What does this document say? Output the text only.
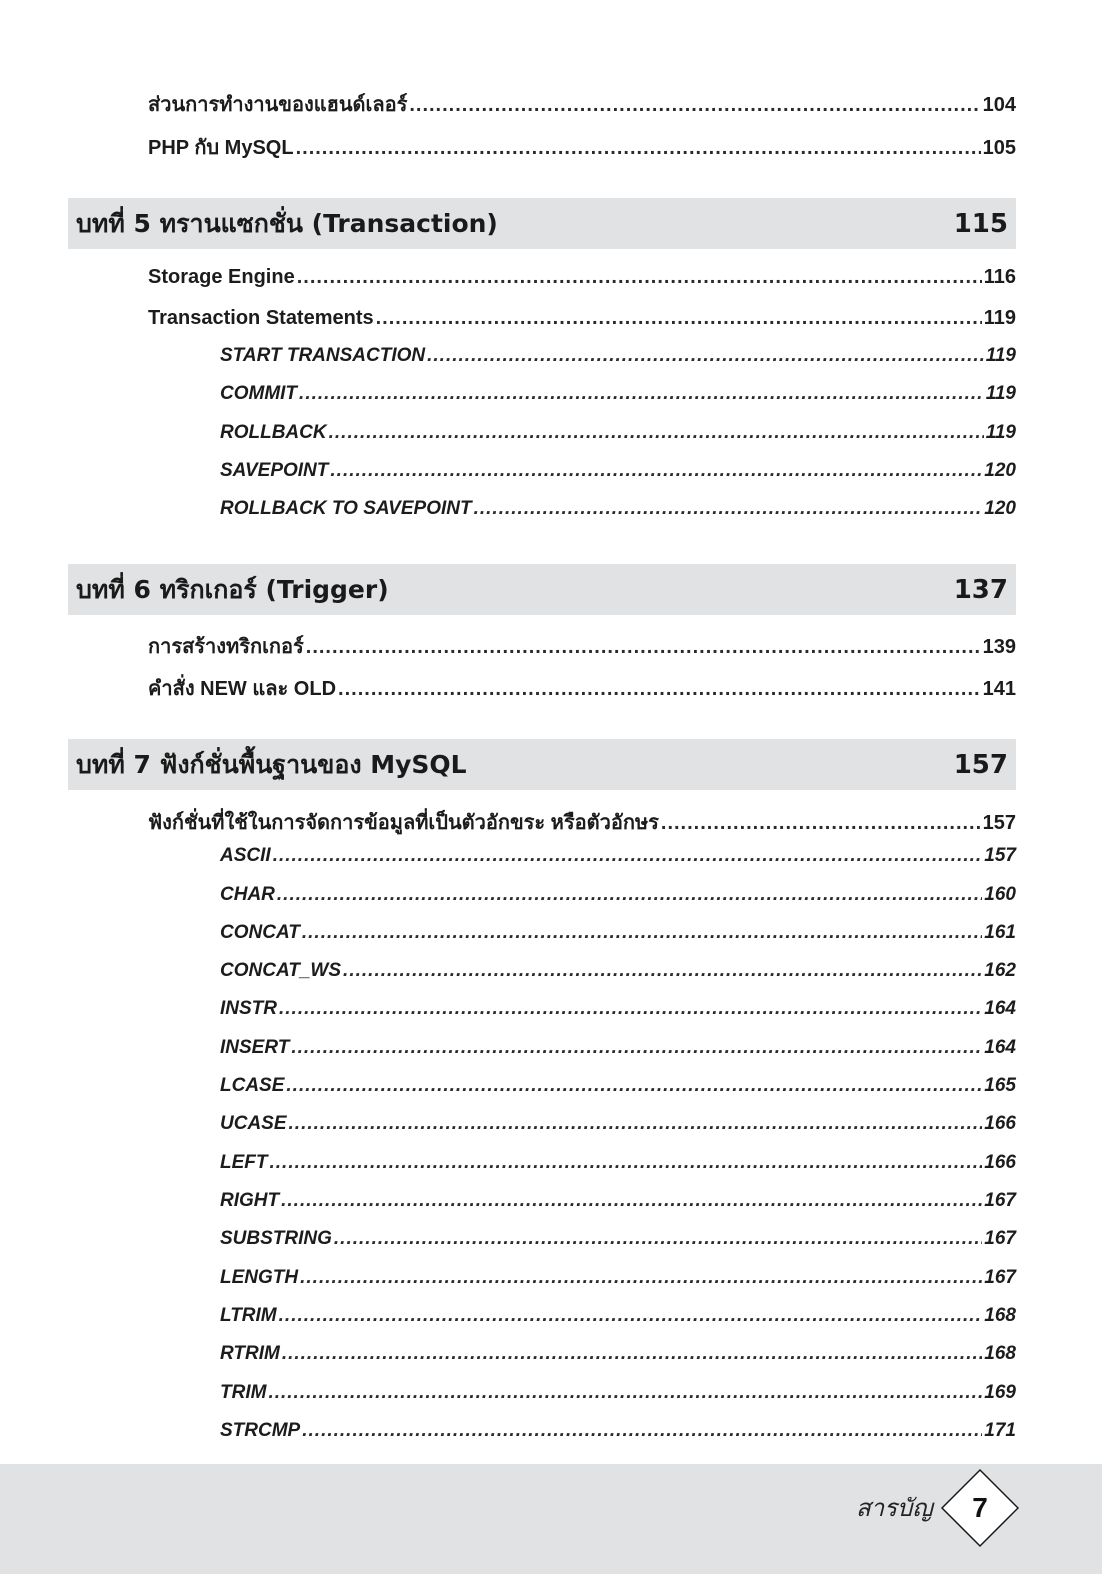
ส่วนการทำงานของแฮนด์เลอร์ .....	104
PHP กับ MySQL .....	105
บทที่ 5 ทรานแซกชั่น (Transaction)	115
Storage Engine .....	116
Transaction Statements .....	119
START TRANSACTION .....	119
COMMIT .....	119
ROLLBACK .....	119
SAVEPOINT .....	120
ROLLBACK TO SAVEPOINT .....	120
บทที่ 6 ทริกเกอร์ (Trigger)	137
การสร้างทริกเกอร์ .....	139
คำสั่ง NEW และ OLD .....	141
บทที่ 7 ฟังก์ชั่นพื้นฐานของ MySQL	157
ฟังก์ชั่นที่ใช้ในการจัดการข้อมูลที่เป็นตัวอักขระ หรือตัวอักษร .....	157
ASCII .....	157
CHAR .....	160
CONCAT .....	161
CONCAT_WS .....	162
INSTR .....	164
INSERT .....	164
LCASE .....	165
UCASE .....	166
LEFT .....	166
RIGHT .....	167
SUBSTRING .....	167
LENGTH .....	167
LTRIM .....	168
RTRIM .....	168
TRIM .....	169
STRCMP .....	171
สารบัญ	7
